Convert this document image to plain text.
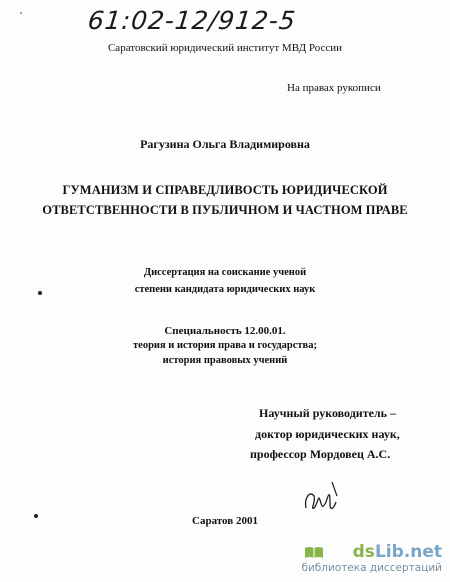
61:02-12/912-5
Саратовский юридический институт МВД России
На правах рукописи
Рагузина Ольга Владимировна
ГУМАНИЗМ И СПРАВЕДЛИВОСТЬ ЮРИДИЧЕСКОЙ
ОТВЕТСТВЕННОСТИ В ПУБЛИЧНОМ И ЧАСТНОМ ПРАВЕ
Диссертация на соискание ученой
степени кандидата юридических наук
Специальность 12.00.01.
теория и история права и государства;
история правовых учений
Научный руководитель –
доктор юридических наук,
профессор Мордовец А.С.
Саратов 2001
dsLib.net
библиотека диссертаций
